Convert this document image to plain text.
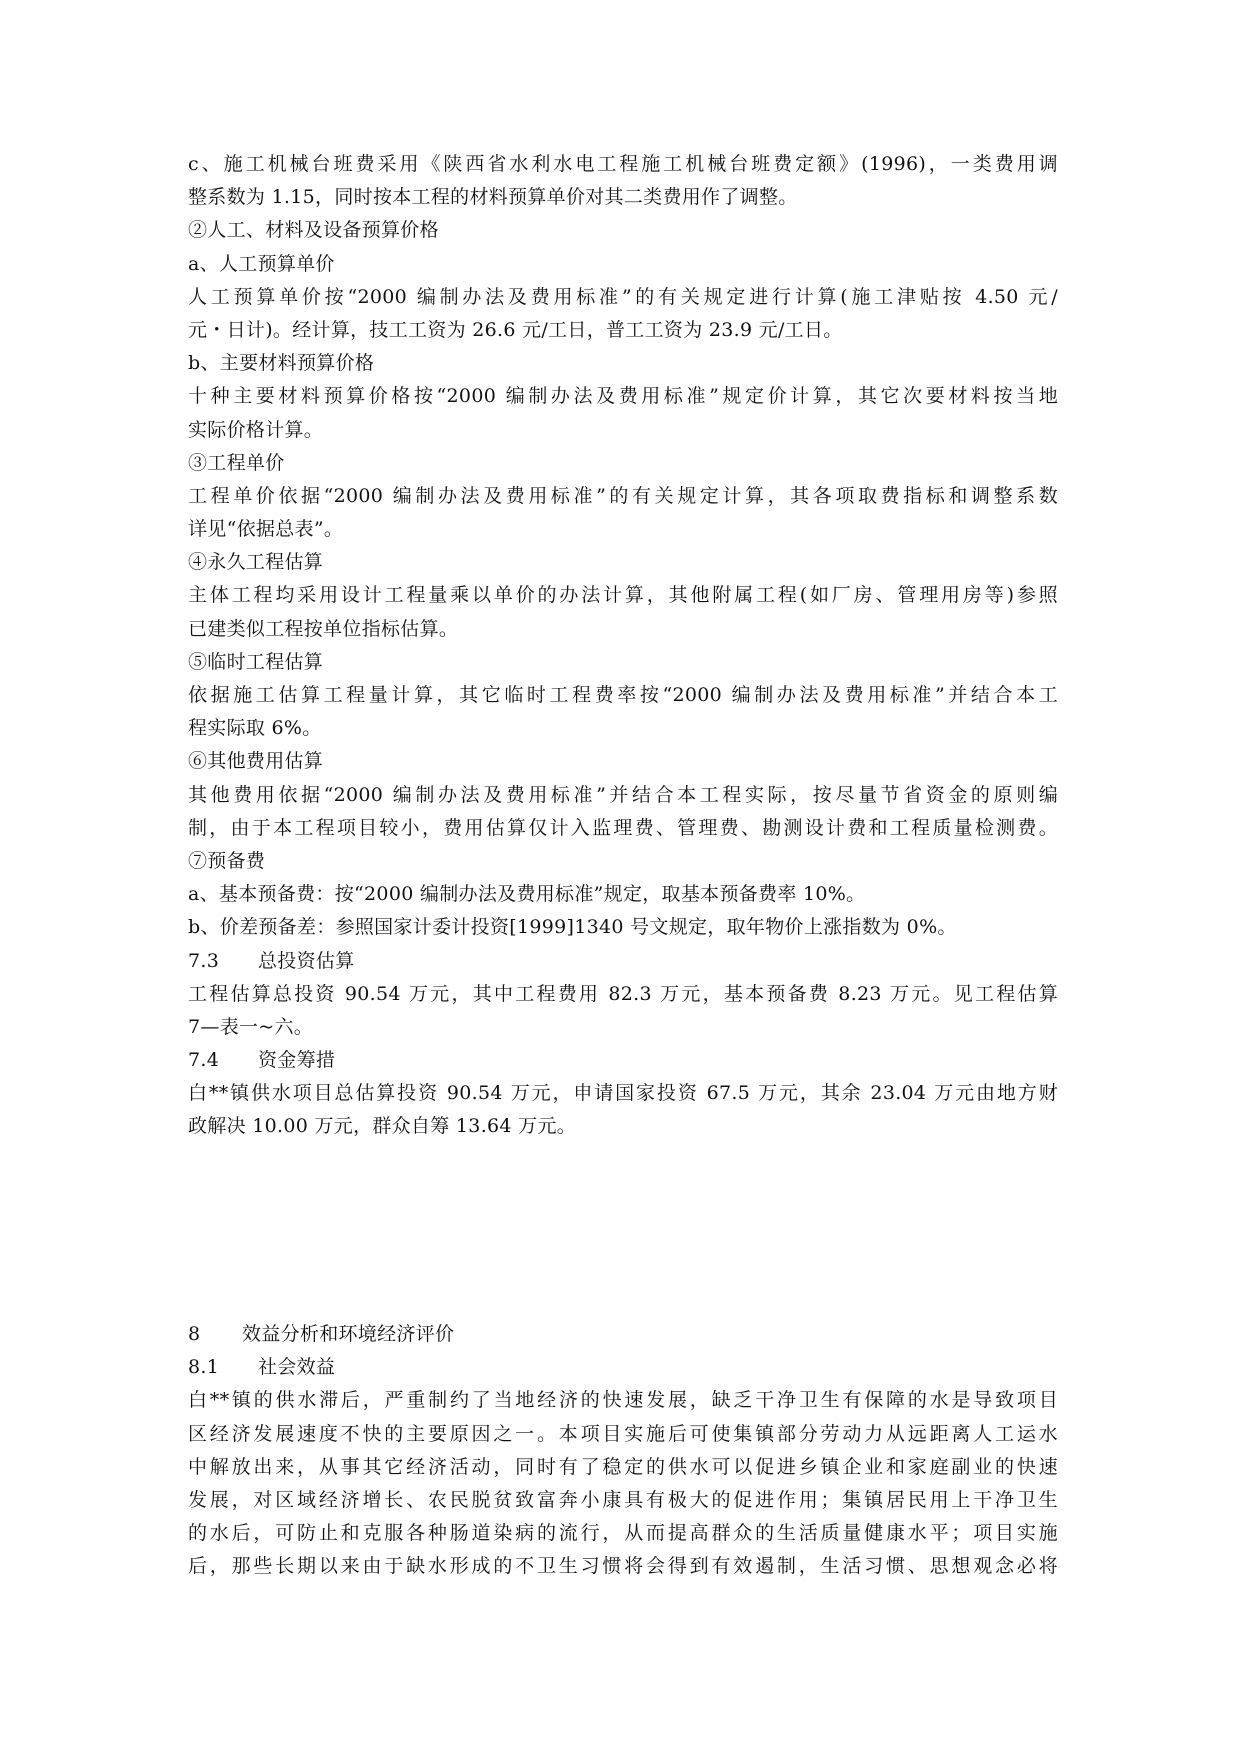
c、施工机械台班费采用《陕西省水利水电工程施工机械台班费定额》(1996)，一类费用调
整系数为 1.15，同时按本工程的材料预算单价对其二类费用作了调整。
②人工、材料及设备预算价格
a、人工预算单价
人工预算单价按“2000 编制办法及费用标准”的有关规定进行计算(施工津贴按 4.50 元/
元・日计)。经计算，技工工资为 26.6 元/工日，普工工资为 23.9 元/工日。
b、主要材料预算价格
十种主要材料预算价格按“2000 编制办法及费用标准”规定价计算，其它次要材料按当地
实际价格计算。
③工程单价
工程单价依据“2000 编制办法及费用标准”的有关规定计算，其各项取费指标和调整系数
详见“依据总表”。
④永久工程估算
主体工程均采用设计工程量乘以单价的办法计算，其他附属工程(如厂房、管理用房等)参照
已建类似工程按单位指标估算。
⑤临时工程估算
依据施工估算工程量计算，其它临时工程费率按“2000 编制办法及费用标准”并结合本工
程实际取 6%。
⑥其他费用估算
其他费用依据“2000 编制办法及费用标准”并结合本工程实际，按尽量节省资金的原则编
制，由于本工程项目较小，费用估算仅计入监理费、管理费、勘测设计费和工程质量检测费。
⑦预备费
a、基本预备费：按“2000 编制办法及费用标准”规定，取基本预备费率 10%。
b、价差预备差：参照国家计委计投资[1999]1340 号文规定，取年物价上涨指数为 0%。
7.3 总投资估算
工程估算总投资 90.54 万元，其中工程费用 82.3 万元，基本预备费 8.23 万元。见工程估算
7—表一~六。
7.4 资金筹措
白**镇供水项目总估算投资 90.54 万元，申请国家投资 67.5 万元，其余 23.04 万元由地方财
政解决 10.00 万元，群众自筹 13.64 万元。
8 效益分析和环境经济评价
8.1 社会效益
白**镇的供水滞后，严重制约了当地经济的快速发展，缺乏干净卫生有保障的水是导致项目
区经济发展速度不快的主要原因之一。本项目实施后可使集镇部分劳动力从远距离人工运水
中解放出来，从事其它经济活动，同时有了稳定的供水可以促进乡镇企业和家庭副业的快速
发展，对区域经济增长、农民脱贫致富奔小康具有极大的促进作用；集镇居民用上干净卫生
的水后，可防止和克服各种肠道染病的流行，从而提高群众的生活质量健康水平；项目实施
后，那些长期以来由于缺水形成的不卫生习惯将会得到有效遏制，生活习惯、思想观念必将
